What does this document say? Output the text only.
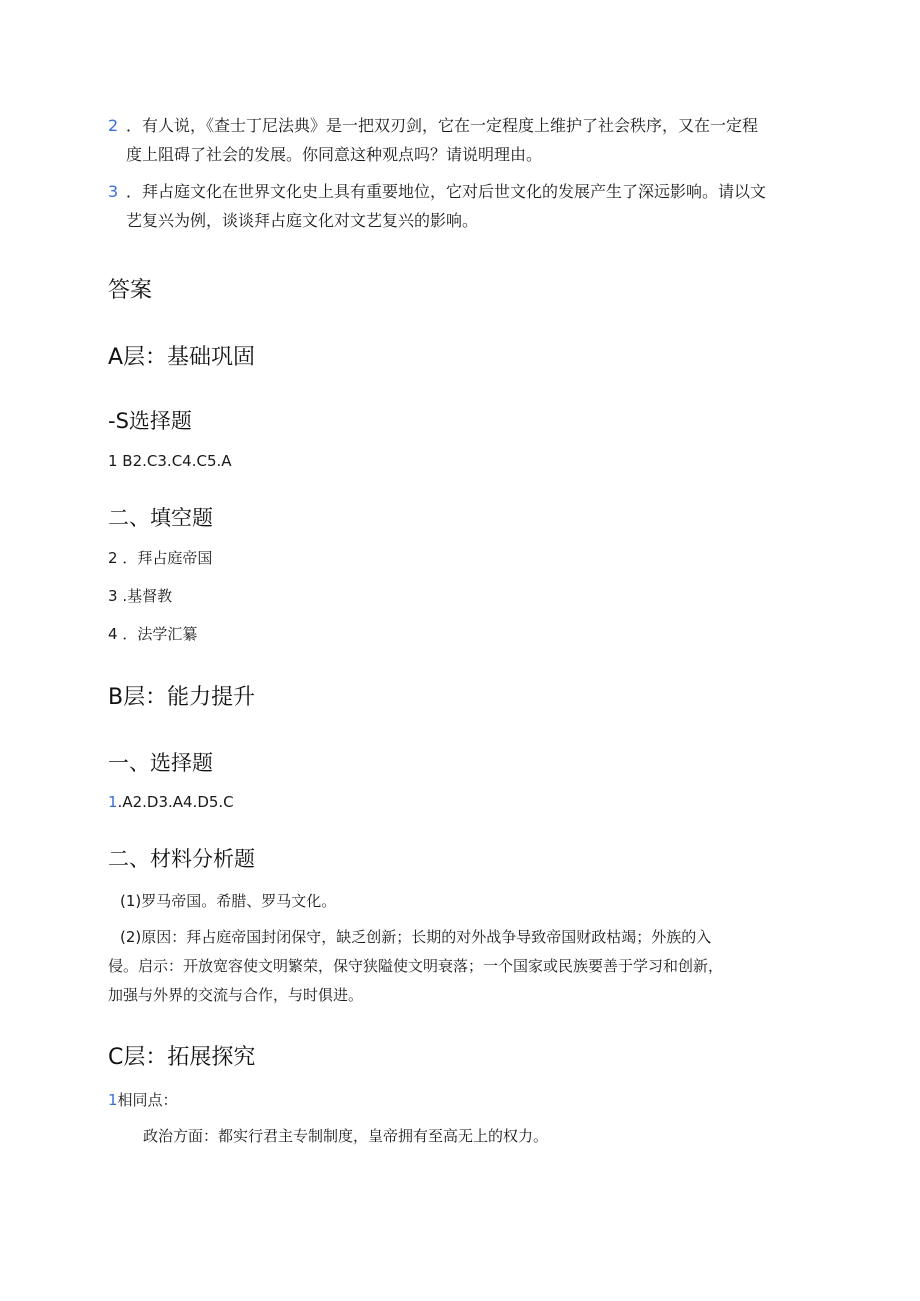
2 ．有人说，《查士丁尼法典》是一把双刃剑，它在一定程度上维护了社会秩序，又在一定程
度上阻碍了社会的发展。你同意这种观点吗？请说明理由。
3 ．拜占庭文化在世界文化史上具有重要地位，它对后世文化的发展产生了深远影响。请以文
艺复兴为例，谈谈拜占庭文化对文艺复兴的影响。
答案
A层：基础巩固
-S选择题
1 B2.C3.C4.C5.A
二、填空题
2 ．拜占庭帝国
3 .基督教
4 ．法学汇纂
B层：能力提升
一、选择题
1.A2.D3.A4.D5.C
二、材料分析题
(1)罗马帝国。希腊、罗马文化。
(2)原因：拜占庭帝国封闭保守，缺乏创新；长期的对外战争导致帝国财政枯竭；外族的入
侵。启示：开放宽容使文明繁荣，保守狭隘使文明衰落；一个国家或民族要善于学习和创新，
加强与外界的交流与合作，与时俱进。
C层：拓展探究
1相同点：
政治方面：都实行君主专制制度，皇帝拥有至高无上的权力。
